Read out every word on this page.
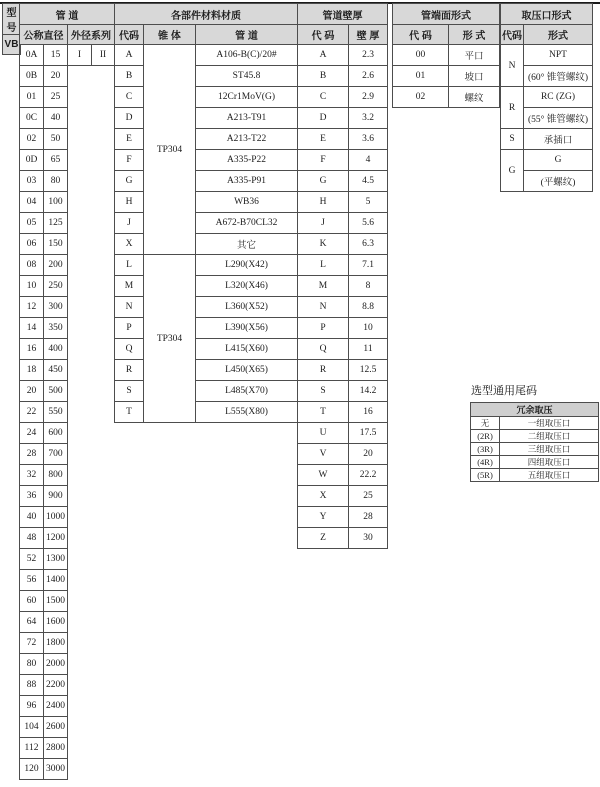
型号
VB
管 道			
公称直径		外径系列	
0A	15	I	II
0B	20		
01	25		
0C	40		
02	50		
0D	65		
03	80		
04	100		
05	125		
06	150		
08	200		
10	250		
12	300		
14	350		
16	400		
18	450		
20	500		
22	550		
24	600		
28	700		
32	800		
36	900		
40	1000		
48	1200		
52	1300		
56	1400		
60	1500		
64	1600		
72	1800		
80	2000		
88	2200		
96	2400		
104	2600		
112	2800		
120	3000		
各部件材料材质		
代码	锥 体	管 道
A	TP304	A106-B(C)/20#
B		ST45.8
C		12Cr1MoV(G)
D		A213-T91
E		A213-T22
F		A335-P22
G		A335-P91
H		WB36
J		A672-B70CL32
X		其它
L	TP304	L290(X42)
M		L320(X46)
N		L360(X52)
P		L390(X56)
Q		L415(X60)
R		L450(X65)
S		L485(X70)
T		L555(X80)
管道壁厚	
代 码	壁 厚
A	2.3
B	2.6
C	2.9
D	3.2
E	3.6
F	4
G	4.5
H	5
J	5.6
K	6.3
L	7.1
M	8
N	8.8
P	10
Q	11
R	12.5
S	14.2
T	16
U	17.5
V	20
W	22.2
X	25
Y	28
Z	30
管端面形式	
代 码	形 式
00	平口
01	坡口
02	螺纹
取压口形式	
代码	形式
N	NPT
	(60° 锥管螺纹)
R	RC (ZG)
	(55° 锥管螺纹)
S	承插口
G	G
	(平螺纹)
选型通用尾码
冗余取压	
无	一组取压口
(2R)	二组取压口
(3R)	三组取压口
(4R)	四组取压口
(5R)	五组取压口
